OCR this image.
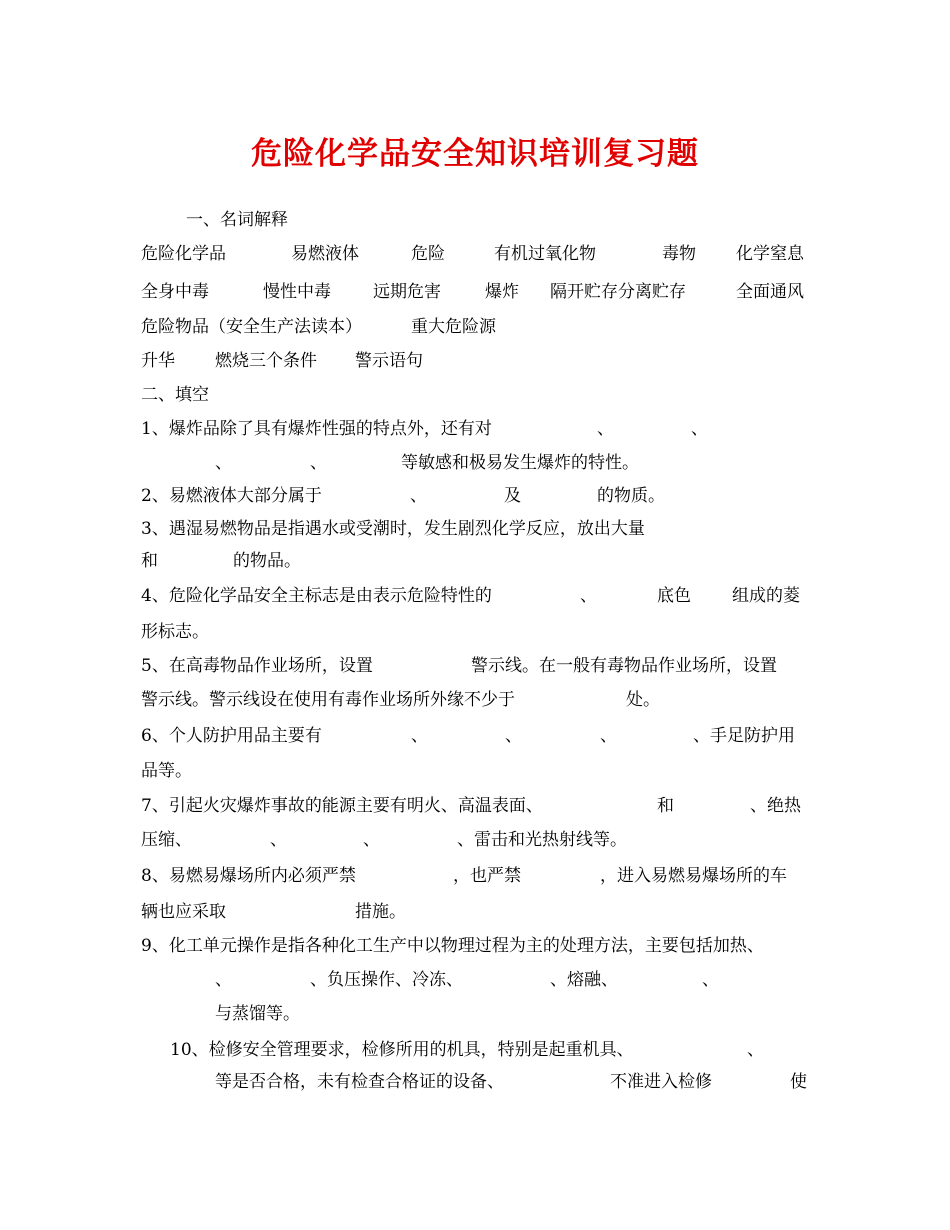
危险化学品安全知识培训复习题
一、名词解释
危险化学品	易燃液体	危险	有机过氧化物	毒物 化学窒息
全身中毒	慢性中毒 远期危害	爆炸 隔开贮存分离贮存	全面通风
危险物品（安全生产法读本）	重大危险源
升华 燃烧三个条件 警示语句
二、填空
1、爆炸品除了具有爆炸性强的特点外，还有对	、	、
、	、	等敏感和极易发生爆炸的特性。
2、易燃液体大部分属于	、	及	的物质。
3、遇湿易燃物品是指遇水或受潮时，发生剧烈化学反应，放出大量
和	的物品。
4、危险化学品安全主标志是由表示危险特性的	、	底色 组成的菱
形标志。
5、在高毒物品作业场所，设置	警示线。在一般有毒物品作业场所，设置
警示线。警示线设在使用有毒作业场所外缘不少于	处。
6、个人防护用品主要有	、	、	、	、手足防护用
品等。
7、引起火灾爆炸事故的能源主要有明火、高温表面、	和	、绝热
压缩、	、	、	、雷击和光热射线等。
8、易燃易爆场所内必须严禁	，也严禁	，进入易燃易爆场所的车
辆也应采取	措施。
9、化工单元操作是指各种化工生产中以物理过程为主的处理方法，主要包括加热、
、	、负压操作、冷冻、	、熔融、	、
与蒸馏等。
10、检修安全管理要求，检修所用的机具，特别是起重机具、	、
等是否合格，未有检查合格证的设备、	不准进入检修	使
